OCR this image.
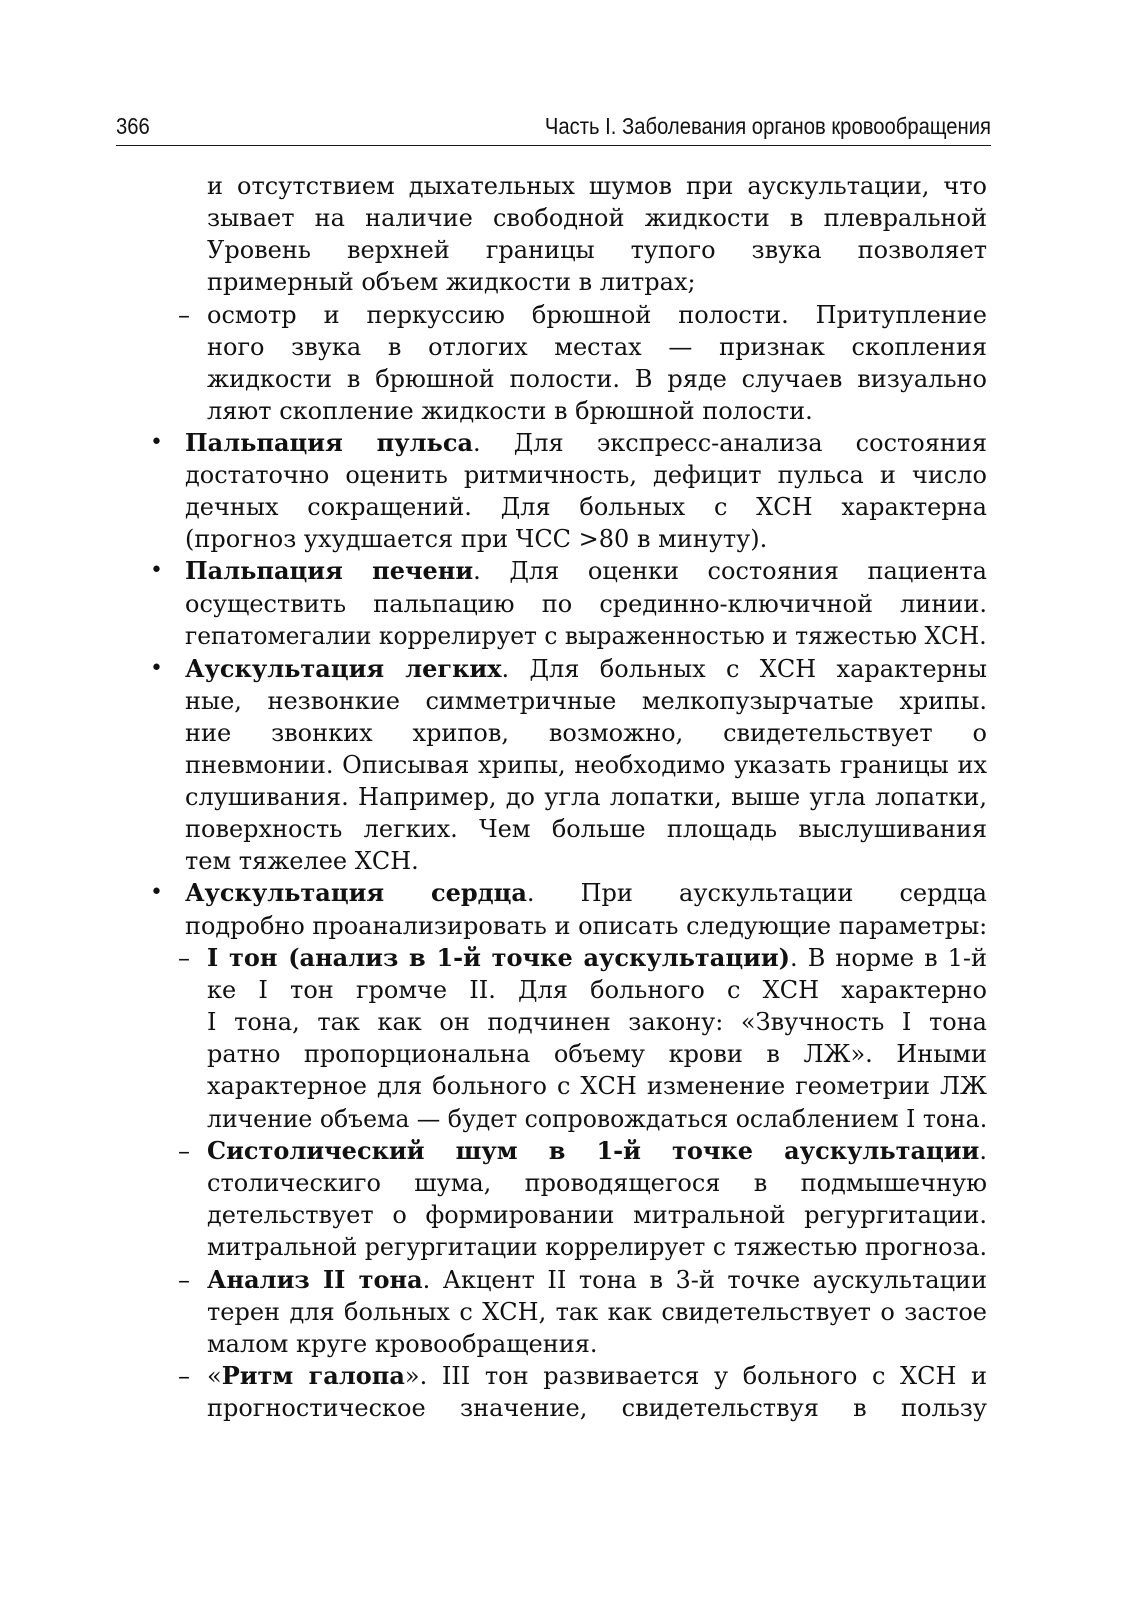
366	Часть I. Заболевания органов кровообращения
и отсутствием дыхательных шумов при аускультации, что
зывает на наличие свободной жидкости в плевральной
Уровень верхней границы тупого звука позволяет
примерный объем жидкости в литрах;
– осмотр и перкуссию брюшной полости. Притупление
ного звука в отлогих местах — признак скопления
жидкости в брюшной полости. В ряде случаев визуально
ляют скопление жидкости в брюшной полости.
• Пальпация пульса. Для экспресс-анализа состояния
достаточно оценить ритмичность, дефицит пульса и число
дечных сокращений. Для больных с ХСН характерна
(прогноз ухудшается при ЧСС >80 в минуту).
• Пальпация печени. Для оценки состояния пациента
осуществить пальпацию по срединно-ключичной линии.
гепатомегалии коррелирует с выраженностью и тяжестью ХСН.
• Аускультация легких. Для больных с ХСН характерны
ные, незвонкие симметричные мелкопузырчатые хрипы.
ние звонких хрипов, возможно, свидетельствует о
пневмонии. Описывая хрипы, необходимо указать границы их
слушивания. Например, до угла лопатки, выше угла лопатки,
поверхность легких. Чем больше площадь выслушивания
тем тяжелее ХСН.
• Аускультация сердца. При аускультации сердца
подробно проанализировать и описать следующие параметры:
– I тон (анализ в 1-й точке аускультации). В норме в 1-й
ке I тон громче II. Для больного с ХСН характерно
I тона, так как он подчинен закону: «Звучность I тона
ратно пропорциональна объему крови в ЛЖ». Иными
характерное для больного с ХСН изменение геометрии ЛЖ
личение объема — будет сопровождаться ослаблением I тона.
– Систолический шум в 1-й точке аускультации.
столическиго шума, проводящегося в подмышечную
детельствует о формировании митральной регургитации.
митральной регургитации коррелирует с тяжестью прогноза.
– Анализ II тона. Акцент II тона в 3-й точке аускультации
терен для больных с ХСН, так как свидетельствует о застое
малом круге кровообращения.
– «Ритм галопа». III тон развивается у больного с ХСН и
прогностическое значение, свидетельствуя в пользу
